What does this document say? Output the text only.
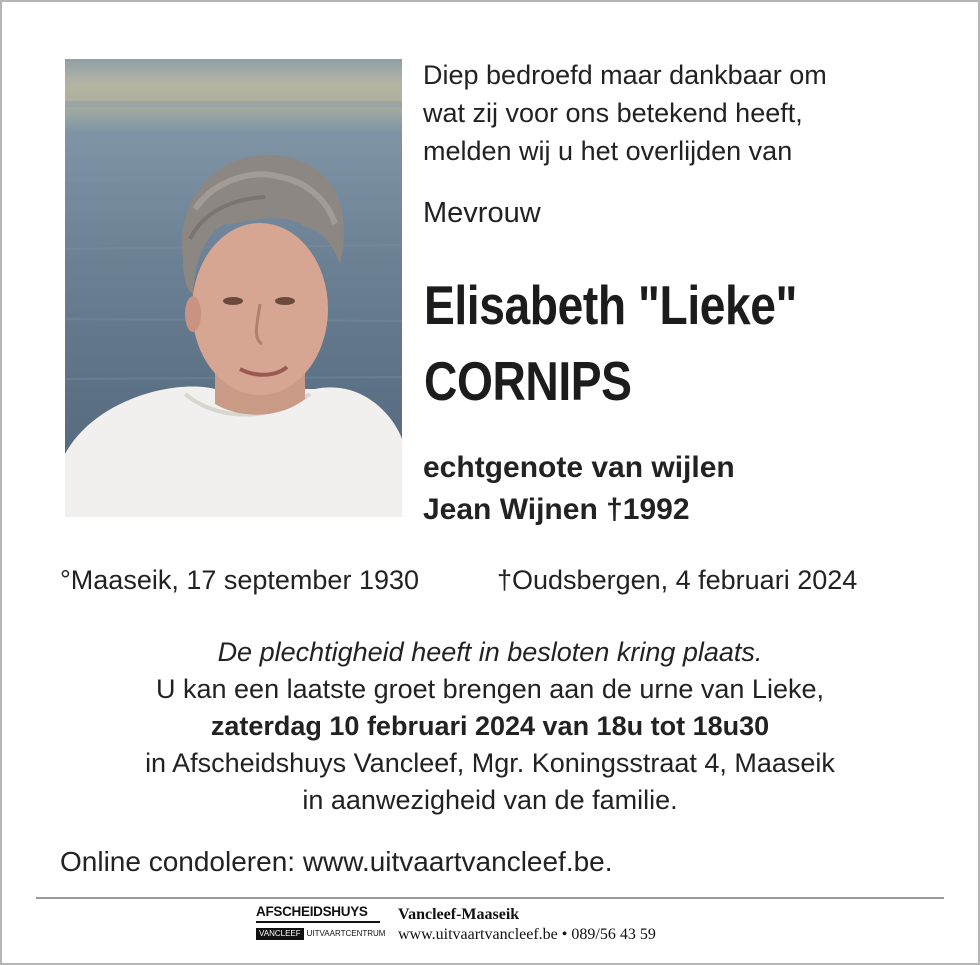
Diep bedroefd maar dankbaar om
wat zij voor ons betekend heeft,
melden wij u het overlijden van
Mevrouw
Elisabeth "Lieke"
CORNIPS
echtgenote van wijlen
Jean Wijnen †1992
°Maaseik, 17 september 1930	†Oudsbergen, 4 februari 2024
De plechtigheid heeft in besloten kring plaats.
U kan een laatste groet brengen aan de urne van Lieke,
zaterdag 10 februari 2024 van 18u tot 18u30
in Afscheidshuys Vancleef, Mgr. Koningsstraat 4, Maaseik
in aanwezigheid van de familie.
Online condoleren: www.uitvaartvancleef.be.
AFSCHEIDSHUYS
VANCLEEF UITVAARTCENTRUM
Vancleef-Maaseik
www.uitvaartvancleef.be • 089/56 43 59
